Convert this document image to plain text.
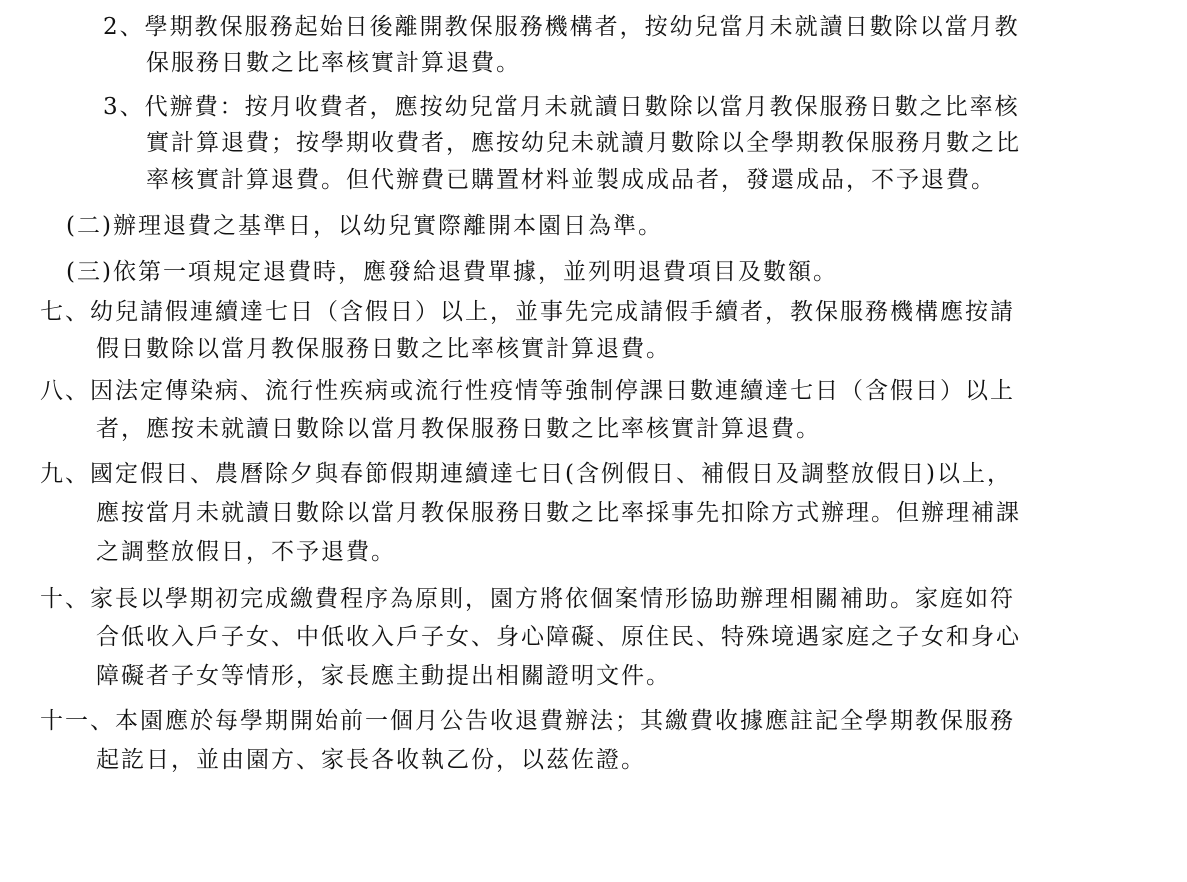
2、學期教保服務起始日後離開教保服務機構者，按幼兒當月未就讀日數除以當月教
保服務日數之比率核實計算退費。
3、代辦費：按月收費者，應按幼兒當月未就讀日數除以當月教保服務日數之比率核
實計算退費；按學期收費者，應按幼兒未就讀月數除以全學期教保服務月數之比
率核實計算退費。但代辦費已購置材料並製成成品者，發還成品，不予退費。
(二)辦理退費之基準日，以幼兒實際離開本園日為準。
(三)依第一項規定退費時，應發給退費單據，並列明退費項目及數額。
七、幼兒請假連續達七日（含假日）以上，並事先完成請假手續者，教保服務機構應按請
假日數除以當月教保服務日數之比率核實計算退費。
八、因法定傳染病、流行性疾病或流行性疫情等強制停課日數連續達七日（含假日）以上
者，應按未就讀日數除以當月教保服務日數之比率核實計算退費。
九、國定假日、農曆除夕與春節假期連續達七日(含例假日、補假日及調整放假日)以上，
應按當月未就讀日數除以當月教保服務日數之比率採事先扣除方式辦理。但辦理補課
之調整放假日，不予退費。
十、家長以學期初完成繳費程序為原則，園方將依個案情形協助辦理相關補助。家庭如符
合低收入戶子女、中低收入戶子女、身心障礙、原住民、特殊境遇家庭之子女和身心
障礙者子女等情形，家長應主動提出相關證明文件。
十一、本園應於每學期開始前一個月公告收退費辦法；其繳費收據應註記全學期教保服務
起訖日，並由園方、家長各收執乙份，以茲佐證。
